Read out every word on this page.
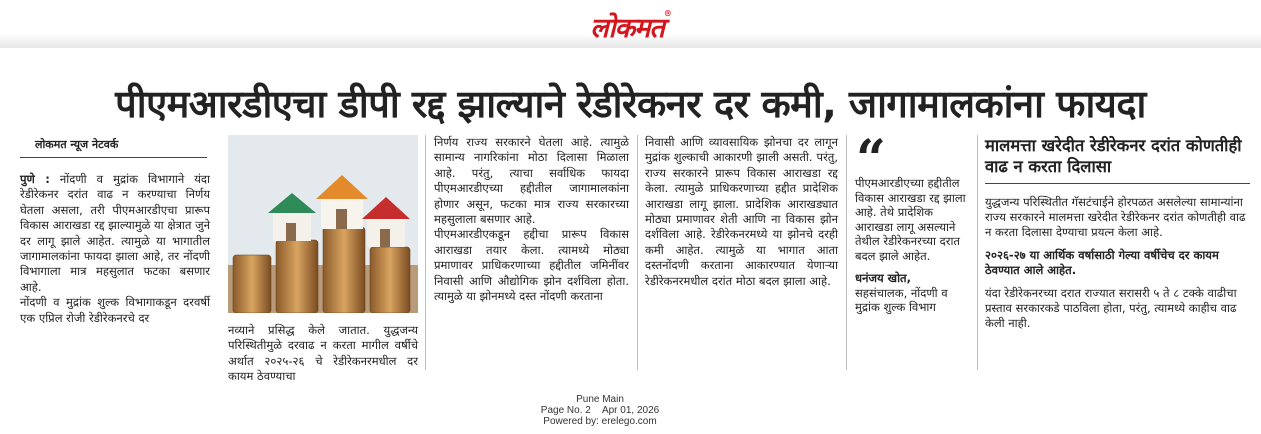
लोकमत®
पीएमआरडीएचा डीपी रद्द झाल्याने रेडीरेकनर दर कमी, जागामालकांना फायदा
लोकमत न्यूज नेटवर्क

पुणे : नोंदणी व मुद्रांक विभागाने यंदा रेडीरेकनर दरांत वाढ न करण्याचा निर्णय घेतला असला, तरी पीएमआरडीएचा प्रारूप विकास आराखडा रद्द झाल्यामुळे या क्षेत्रात जुने दर लागू झाले आहेत. त्यामुळे या भागातील जागामालकांना फायदा झाला आहे, तर नोंदणी विभागाला मात्र महसुलात फटका बसणार आहे.

नोंदणी व मुद्रांक शुल्क विभागाकडून दरवर्षी एक एप्रिल रोजी रेडीरेकनरचे दर

नव्याने प्रसिद्ध केले जातात. युद्धजन्य परिस्थितीमुळे दरवाढ न करता मागील वर्षीचे अर्थात २०२५-२६ चे रेडीरेकनरमधील दर कायम ठेवण्याचा

निर्णय राज्य सरकारने घेतला आहे. त्यामुळे सामान्य नागरिकांना मोठा दिलासा मिळाला आहे. परंतु, त्याचा सर्वाधिक फायदा पीएमआरडीएच्या हद्दीतील जागामालकांना होणार असून, फटका मात्र राज्य सरकारच्या महसुलाला बसणार आहे.

पीएमआरडीएकडून हद्दीचा प्रारूप विकास आराखडा तयार केला. त्यामध्ये मोठ्या प्रमाणावर प्राधिकरणाच्या हद्दीतील जमिनींवर निवासी आणि औद्योगिक झोन दर्शविला होता. त्यामुळे या झोनमध्ये दस्त नोंदणी करताना

निवासी आणि व्यावसायिक झोनचा दर लागून मुद्रांक शुल्काची आकारणी झाली असती. परंतु, राज्य सरकारने प्रारूप विकास आराखडा रद्द केला. त्यामुळे प्राधिकरणाच्या हद्दीत प्रादेशिक आराखडा लागू झाला. प्रादेशिक आराखड्यात मोठ्या प्रमाणावर शेती आणि ना विकास झोन दर्शविला आहे. रेडीरेकनरमध्ये या झोनचे दरही कमी आहेत. त्यामुळे या भागात आता दस्तनोंदणी करताना आकारण्यात येणाऱ्या रेडीरेकनरमधील दरांत मोठा बदल झाला आहे.

“

पीएमआरडीएच्या हद्दीतील विकास आराखडा रद्द झाला आहे. तेथे प्रादेशिक आराखडा लागू असल्याने तेथील रेडीरेकनरच्या दरात बदल झाले आहेत.

धनंजय खोत,

सहसंचालक, नोंदणी व मुद्रांक शुल्क विभाग

मालमत्ता खरेदीत रेडीरेकनर दरांत कोणतीही वाढ न करता दिलासा

युद्धजन्य परिस्थितीत गॅसटंचाईने होरपळत असलेल्या सामान्यांना राज्य सरकारने मालमत्ता खरेदीत रेडीरेकनर दरांत कोणतीही वाढ न करता दिलासा देण्याचा प्रयत्न केला आहे.

२०२६-२७ या आर्थिक वर्षासाठी गेल्या वर्षीचेच दर कायम ठेवण्यात आले आहेत.

यंदा रेडीरेकनरच्या दरात राज्यात सरासरी ५ ते ८ टक्के वाढीचा प्रस्ताव सरकारकडे पाठविला होता, परंतु, त्यामध्ये काहीच वाढ केली नाही.

Pune Main
Page No. 2 Apr 01, 2026
Powered by: erelego.com
